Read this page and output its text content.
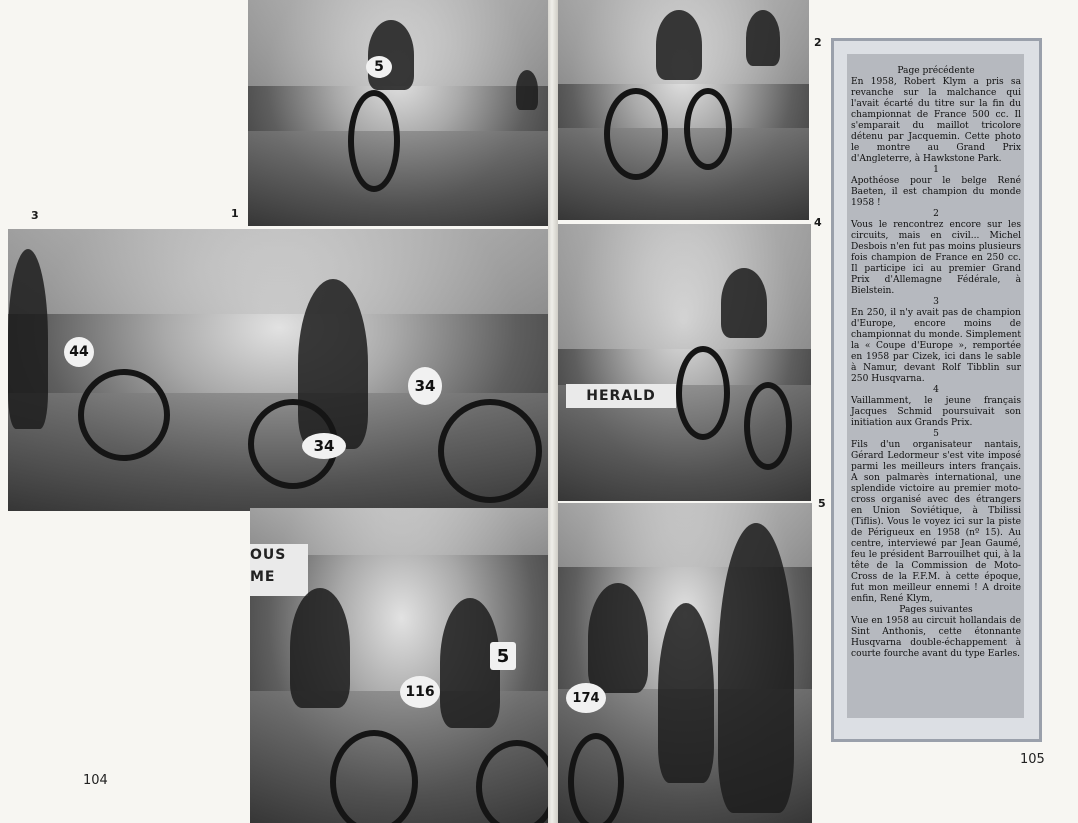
5
44
34
34
HERALD
OUS
ME
116
5
174
3	1
2
4
5
104
105

Page précédente

En 1958, Robert Klym a pris sa revanche sur la malchance qui l'avait écarté du titre sur la fin du championnat de France 500 cc. Il s'emparait du maillot tricolore détenu par Jacquemin. Cette photo le montre au Grand Prix d'Angleterre, à Hawkstone Park.

1

Apothéose pour le belge René Baeten, il est champion du monde 1958 !

2

Vous le rencontrez encore sur les circuits, mais en civil... Michel Desbois n'en fut pas moins plusieurs fois champion de France en 250 cc. Il participe ici au premier Grand Prix d'Allemagne Fédérale, à Bielstein.

3

En 250, il n'y avait pas de champion d'Europe, encore moins de championnat du monde. Simplement la « Coupe d'Europe », remportée en 1958 par Cizek, ici dans le sable à Namur, devant Rolf Tibblin sur 250 Husqvarna.

4

Vaillamment, le jeune français Jacques Schmid poursuivait son initiation aux Grands Prix.

5

Fils d'un organisateur nantais, Gérard Ledormeur s'est vite imposé parmi les meilleurs inters français. A son palmarès international, une splendide victoire au premier moto-cross organisé avec des étrangers en Union Soviétique, à Tbilissi (Tiflis). Vous le voyez ici sur la piste de Périgueux en 1958 (nº 15). Au centre, interviewé par Jean Gaumé, feu le président Barrouilhet qui, à la tête de la Commission de Moto-Cross de la F.F.M. à cette époque, fut mon meilleur ennemi ! A droite enfin, René Klym,

Pages suivantes

Vue en 1958 au circuit hollandais de Sint Anthonis, cette étonnante Husqvarna double-échappement à courte fourche avant du type Earles.
